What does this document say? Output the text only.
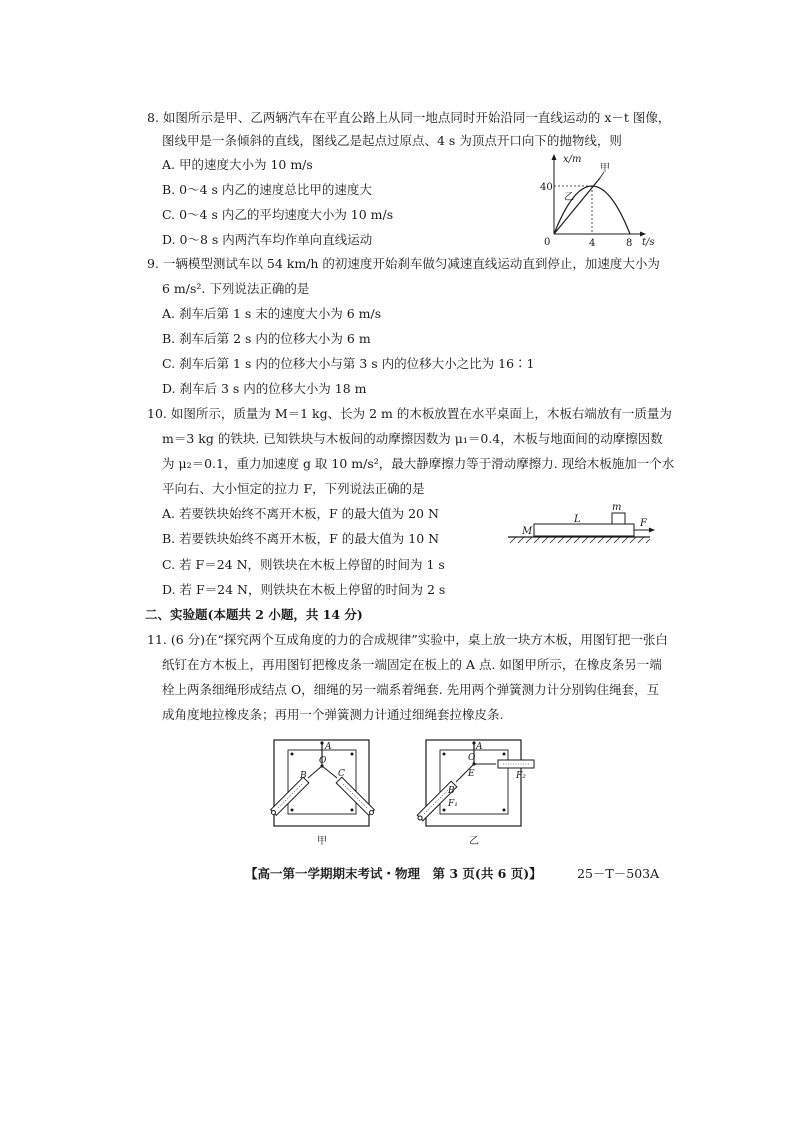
8. 如图所示是甲、乙两辆汽车在平直公路上从同一地点同时开始沿同一直线运动的 x－t 图像，
图线甲是一条倾斜的直线，图线乙是起点过原点、4 s 为顶点开口向下的抛物线，则
A. 甲的速度大小为 10 m/s
B. 0～4 s 内乙的速度总比甲的速度大
C. 0～4 s 内乙的平均速度大小为 10 m/s
D. 0～8 s 内两汽车均作单向直线运动
x/m
t/s
0
40
4	8
甲
乙
9. 一辆模型测试车以 54 km/h 的初速度开始刹车做匀减速直线运动直到停止，加速度大小为
6 m/s². 下列说法正确的是
A. 刹车后第 1 s 末的速度大小为 6 m/s
B. 刹车后第 2 s 内的位移大小为 6 m
C. 刹车后第 1 s 内的位移大小与第 3 s 内的位移大小之比为 16∶1
D. 刹车后 3 s 内的位移大小为 18 m
10. 如图所示，质量为 M＝1 kg、长为 2 m 的木板放置在水平桌面上，木板右端放有一质量为
m＝3 kg 的铁块. 已知铁块与木板间的动摩擦因数为 μ₁＝0.4，木板与地面间的动摩擦因数
为 μ₂＝0.1，重力加速度 g 取 10 m/s²，最大静摩擦力等于滑动摩擦力. 现给木板施加一个水
平向右、大小恒定的拉力 F，下列说法正确的是
A. 若要铁块始终不离开木板，F 的最大值为 20 N
B. 若要铁块始终不离开木板，F 的最大值为 10 N
C. 若 F＝24 N，则铁块在木板上停留的时间为 1 s
D. 若 F＝24 N，则铁块在木板上停留的时间为 2 s
M
L
m
F
二、实验题(本题共 2 小题，共 14 分)
11. (6 分)在“探究两个互成角度的力的合成规律”实验中，桌上放一块方木板，用图钉把一张白
纸钉在方木板上，再用图钉把橡皮条一端固定在板上的 A 点. 如图甲所示，在橡皮条另一端
栓上两条细绳形成结点 O，细绳的另一端系着绳套. 先用两个弹簧测力计分别钩住绳套，互
成角度地拉橡皮条；再用一个弹簧测力计通过细绳套拉橡皮条.
A
O
B	C
甲
A
O
E
B
F₁
F₂
乙
【高一第一学期期末考试・物理　第 3 页(共 6 页)】	25－T－503A
